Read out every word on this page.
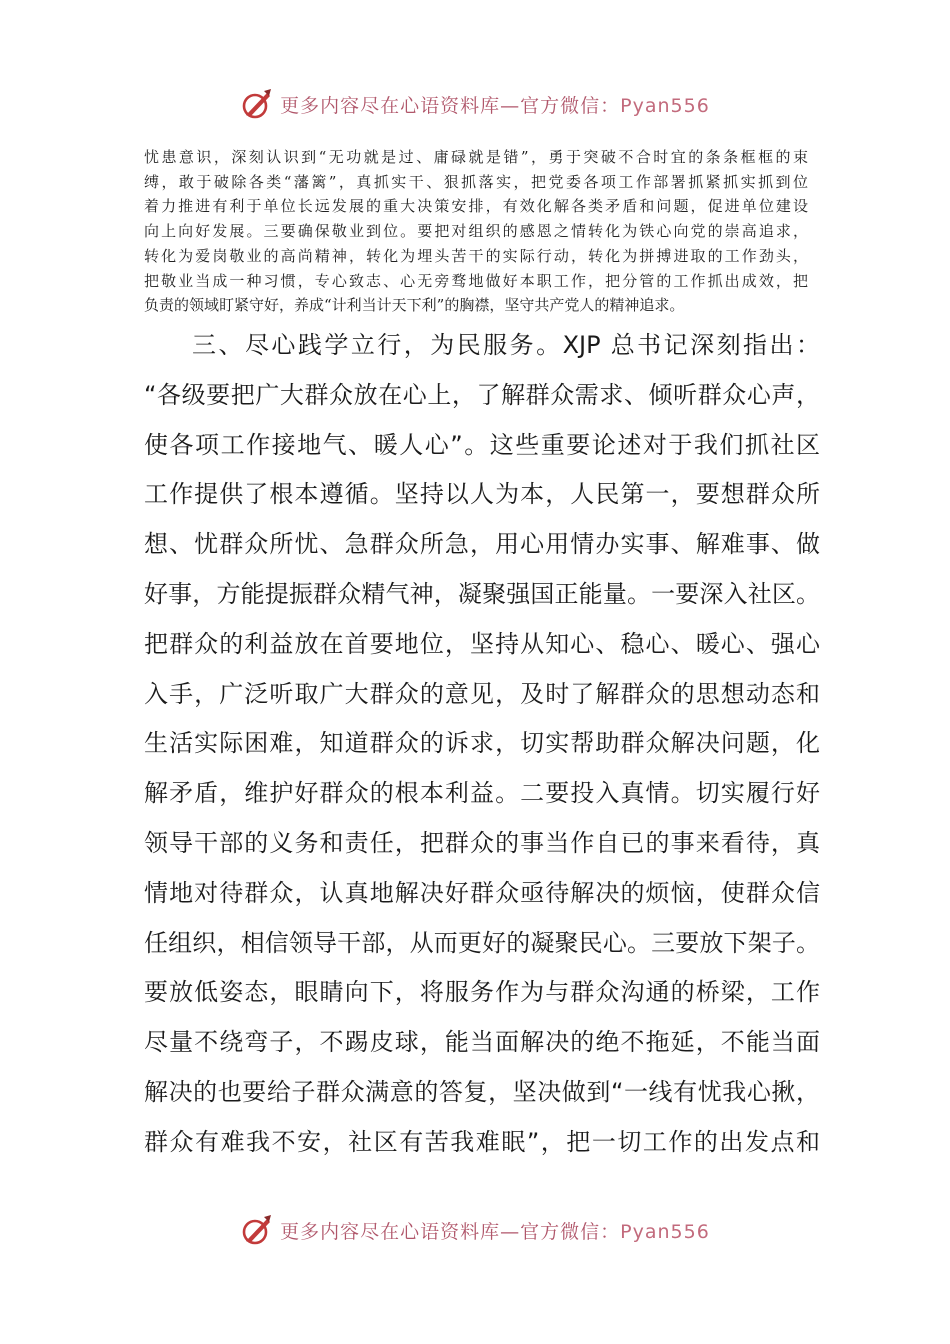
更多内容尽在心语资料库—官方微信：Pyan556
忧患意识，深刻认识到“无功就是过、庸碌就是错”，勇于突破不合时宜的条条框框的束
缚，敢于破除各类“藩篱”，真抓实干、狠抓落实，把党委各项工作部署抓紧抓实抓到位
着力推进有利于单位长远发展的重大决策安排，有效化解各类矛盾和问题，促进单位建设
向上向好发展。三要确保敬业到位。要把对组织的感恩之情转化为铁心向党的崇高追求，
转化为爱岗敬业的高尚精神，转化为埋头苦干的实际行动，转化为拼搏进取的工作劲头，
把敬业当成一种习惯，专心致志、心无旁骛地做好本职工作，把分管的工作抓出成效，把
负责的领域盯紧守好，养成“计利当计天下利”的胸襟，坚守共产党人的精神追求。
三、尽心践学立行，为民服务。XJP 总书记深刻指出：
“各级要把广大群众放在心上，了解群众需求、倾听群众心声，
使各项工作接地气、暖人心”。这些重要论述对于我们抓社区
工作提供了根本遵循。坚持以人为本，人民第一，要想群众所
想、忧群众所忧、急群众所急，用心用情办实事、解难事、做
好事，方能提振群众精气神，凝聚强国正能量。一要深入社区。
把群众的利益放在首要地位，坚持从知心、稳心、暖心、强心
入手，广泛听取广大群众的意见，及时了解群众的思想动态和
生活实际困难，知道群众的诉求，切实帮助群众解决问题，化
解矛盾，维护好群众的根本利益。二要投入真情。切实履行好
领导干部的义务和责任，把群众的事当作自已的事来看待，真
情地对待群众，认真地解决好群众亟待解决的烦恼，使群众信
任组织，相信领导干部，从而更好的凝聚民心。三要放下架子。
要放低姿态，眼睛向下，将服务作为与群众沟通的桥梁，工作
尽量不绕弯子，不踢皮球，能当面解决的绝不拖延，不能当面
解决的也要给子群众满意的答复，坚决做到“一线有忧我心揪，
群众有难我不安，社区有苦我难眠”，把一切工作的出发点和
更多内容尽在心语资料库—官方微信：Pyan556
